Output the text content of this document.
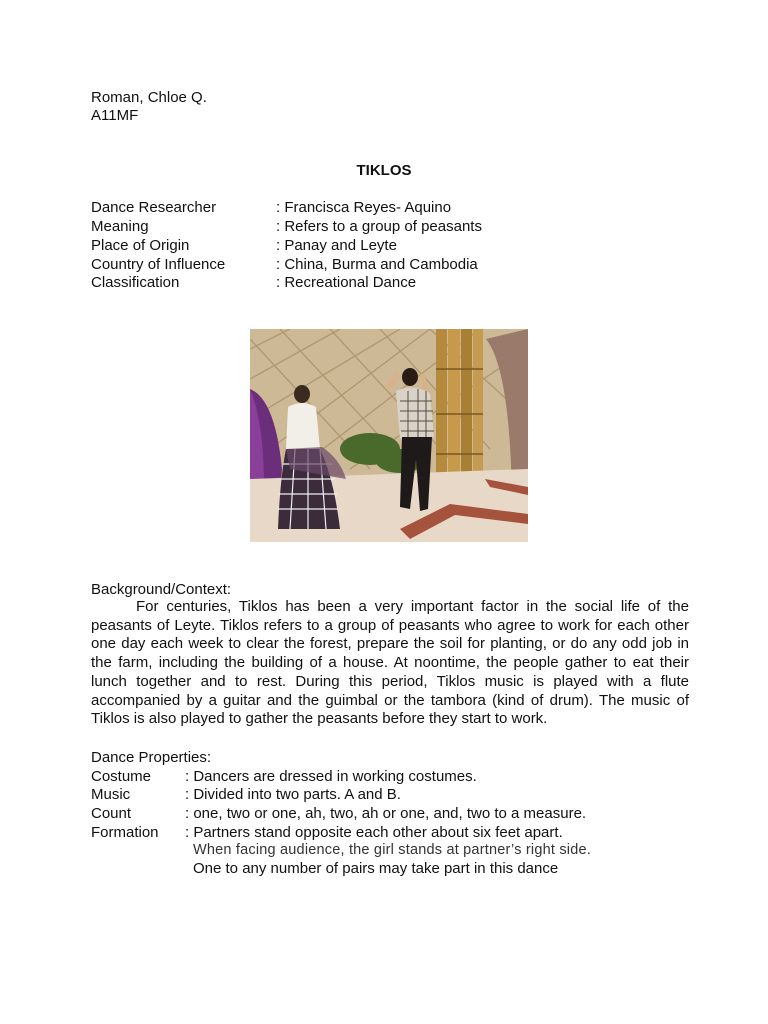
Roman, Chloe Q.
A11MF
TIKLOS
Dance Researcher	: Francisca Reyes- Aquino
Meaning	: Refers to a group of peasants
Place of Origin	: Panay and Leyte
Country of Influence	: China, Burma and Cambodia
Classification	: Recreational Dance
Background/Context:
For centuries, Tiklos has been a very important factor in the social life of the peasants of Leyte. Tiklos refers to a group of peasants who agree to work for each other one day each week to clear the forest, prepare the soil for planting, or do any odd job in the farm, including the building of a house. At noontime, the people gather to eat their lunch together and to rest. During this period, Tiklos music is played with a flute accompanied by a guitar and the guimbal or the tambora (kind of drum). The music of Tiklos is also played to gather the peasants before they start to work.
Dance Properties:
Costume : Dancers are dressed in working costumes.
Music	: Divided into two parts. A and B.
Count	: one, two or one, ah, two, ah or one, and, two to a measure.
Formation : Partners stand opposite each other about six feet apart.
When facing audience, the girl stands at partner’s right side.
One to any number of pairs may take part in this dance
